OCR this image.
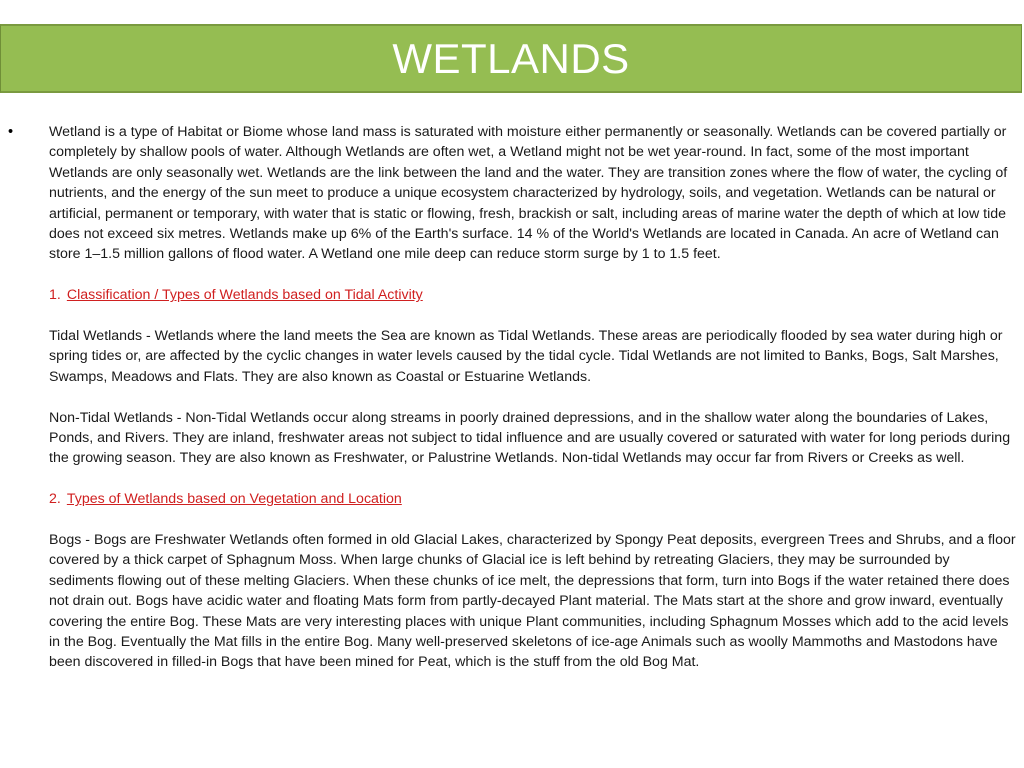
WETLANDS
•	Wetland is a type of Habitat or Biome whose land mass is saturated with moisture either permanently or seasonally. Wetlands can be covered partially or completely by shallow pools of water. Although Wetlands are often wet, a Wetland might not be wet year-round. In fact, some of the most important Wetlands are only seasonally wet. Wetlands are the link between the land and the water. They are transition zones where the flow of water, the cycling of nutrients, and the energy of the sun meet to produce a unique ecosystem characterized by hydrology, soils, and vegetation. Wetlands can be natural or artificial, permanent or temporary, with water that is static or flowing, fresh, brackish or salt, including areas of marine water the depth of which at low tide does not exceed six metres. Wetlands make up 6% of the Earth's surface. 14 % of the World's Wetlands are located in Canada. An acre of Wetland can store 1–1.5 million gallons of flood water. A Wetland one mile deep can reduce storm surge by 1 to 1.5 feet.

1. Classification / Types of Wetlands based on Tidal Activity

Tidal Wetlands - Wetlands where the land meets the Sea are known as Tidal Wetlands. These areas are periodically flooded by sea water during high or spring tides or, are affected by the cyclic changes in water levels caused by the tidal cycle. Tidal Wetlands are not limited to Banks, Bogs, Salt Marshes, Swamps, Meadows and Flats. They are also known as Coastal or Estuarine Wetlands.

Non-Tidal Wetlands - Non-Tidal Wetlands occur along streams in poorly drained depressions, and in the shallow water along the boundaries of Lakes, Ponds, and Rivers. They are inland, freshwater areas not subject to tidal influence and are usually covered or saturated with water for long periods during the growing season. They are also known as Freshwater, or Palustrine Wetlands. Non-tidal Wetlands may occur far from Rivers or Creeks as well.

2. Types of Wetlands based on Vegetation and Location

Bogs - Bogs are Freshwater Wetlands often formed in old Glacial Lakes, characterized by Spongy Peat deposits, evergreen Trees and Shrubs, and a floor covered by a thick carpet of Sphagnum Moss. When large chunks of Glacial ice is left behind by retreating Glaciers, they may be surrounded by sediments flowing out of these melting Glaciers. When these chunks of ice melt, the depressions that form, turn into Bogs if the water retained there does not drain out. Bogs have acidic water and floating Mats form from partly-decayed Plant material. The Mats start at the shore and grow inward, eventually covering the entire Bog. These Mats are very interesting places with unique Plant communities, including Sphagnum Mosses which add to the acid levels in the Bog. Eventually the Mat fills in the entire Bog. Many well-preserved skeletons of ice-age Animals such as woolly Mammoths and Mastodons have been discovered in filled-in Bogs that have been mined for Peat, which is the stuff from the old Bog Mat.
